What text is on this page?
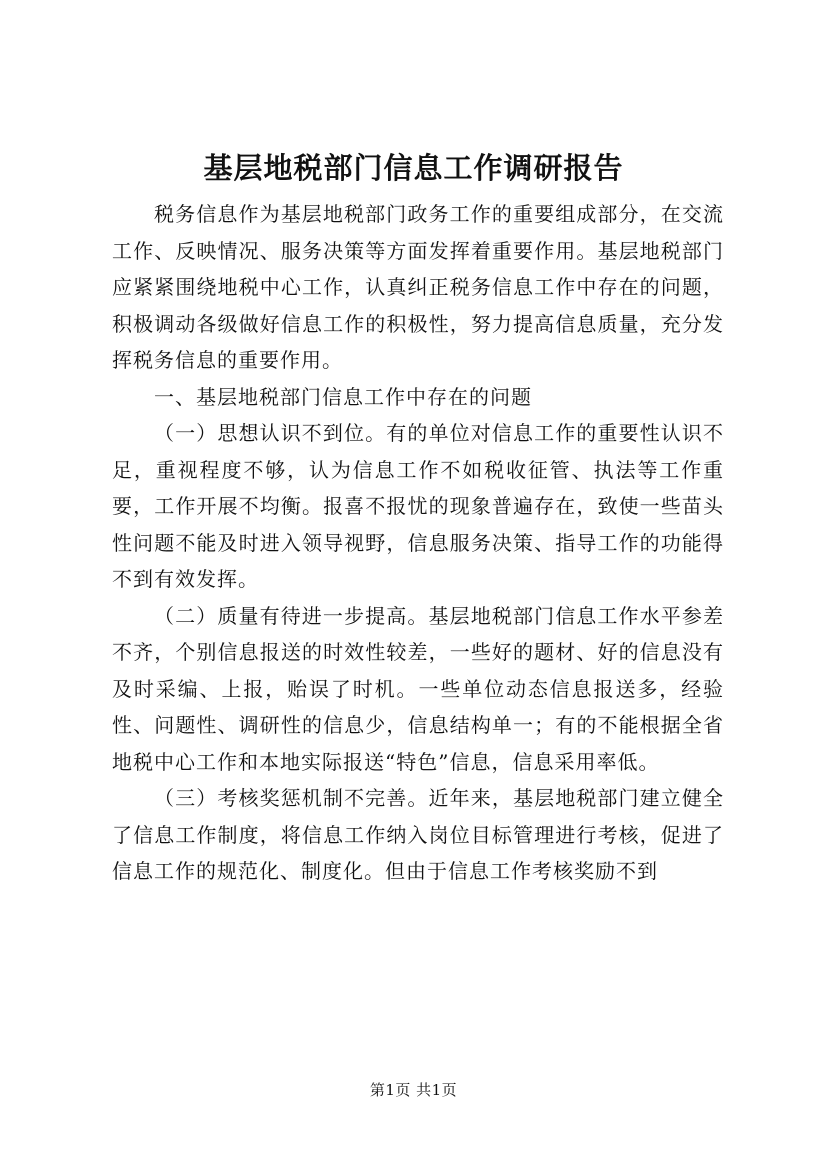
基层地税部门信息工作调研报告

税务信息作为基层地税部门政务工作的重要组成部分，在交流工作、反映情况、服务决策等方面发挥着重要作用。基层地税部门应紧紧围绕地税中心工作，认真纠正税务信息工作中存在的问题，积极调动各级做好信息工作的积极性，努力提高信息质量，充分发挥税务信息的重要作用。

一、基层地税部门信息工作中存在的问题

（一）思想认识不到位。有的单位对信息工作的重要性认识不足，重视程度不够，认为信息工作不如税收征管、执法等工作重要，工作开展不均衡。报喜不报忧的现象普遍存在，致使一些苗头性问题不能及时进入领导视野，信息服务决策、指导工作的功能得不到有效发挥。

（二）质量有待进一步提高。基层地税部门信息工作水平参差不齐，个别信息报送的时效性较差，一些好的题材、好的信息没有及时采编、上报，贻误了时机。一些单位动态信息报送多，经验性、问题性、调研性的信息少，信息结构单一；有的不能根据全省地税中心工作和本地实际报送“特色”信息，信息采用率低。

（三）考核奖惩机制不完善。近年来，基层地税部门建立健全了信息工作制度，将信息工作纳入岗位目标管理进行考核，促进了信息工作的规范化、制度化。但由于信息工作考核奖励不到

第1页 共1页
